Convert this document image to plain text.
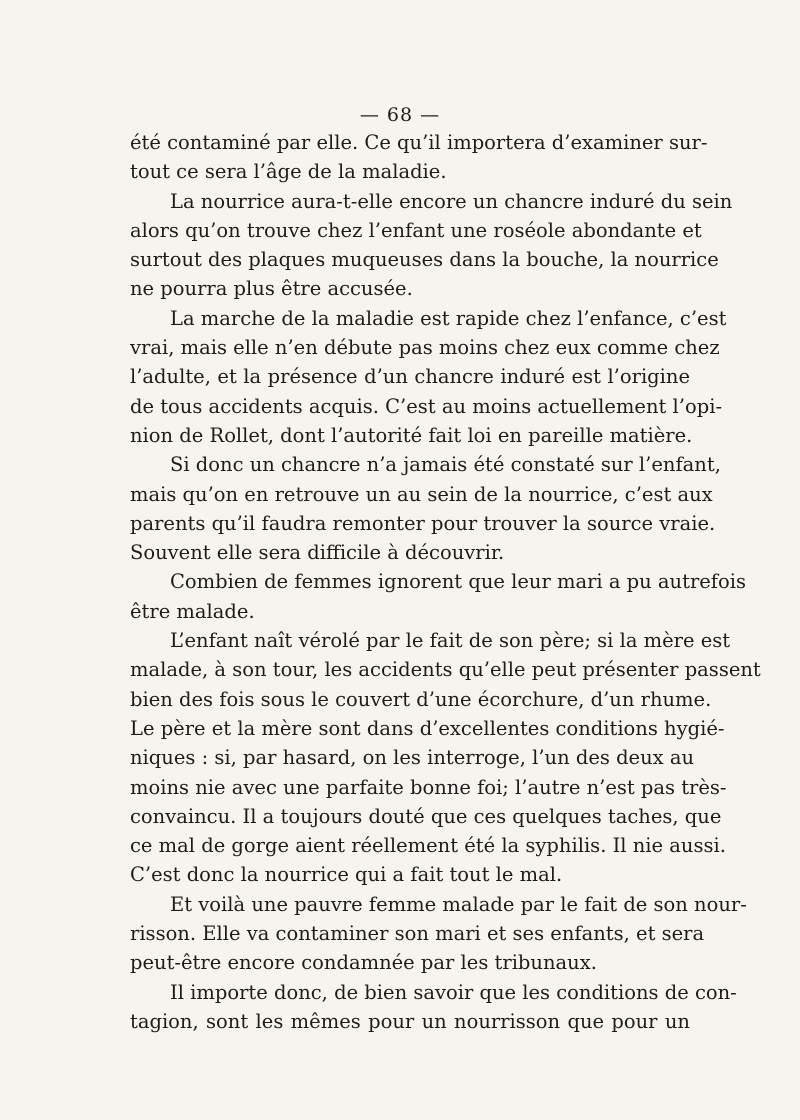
— 68 —
été contaminé par elle. Ce qu’il importera d’examiner sur-
tout ce sera l’âge de la maladie.
La nourrice aura-t-elle encore un chancre induré du sein
alors qu’on trouve chez l’enfant une roséole abondante et
surtout des plaques muqueuses dans la bouche, la nourrice
ne pourra plus être accusée.
La marche de la maladie est rapide chez l’enfance, c’est
vrai, mais elle n’en débute pas moins chez eux comme chez
l’adulte, et la présence d’un chancre induré est l’origine
de tous accidents acquis. C’est au moins actuellement l’opi-
nion de Rollet, dont l’autorité fait loi en pareille matière.
Si donc un chancre n’a jamais été constaté sur l’enfant,
mais qu’on en retrouve un au sein de la nourrice, c’est aux
parents qu’il faudra remonter pour trouver la source vraie.
Souvent elle sera difficile à découvrir.
Combien de femmes ignorent que leur mari a pu autrefois
être malade.
L’enfant naît vérolé par le fait de son père; si la mère est
malade, à son tour, les accidents qu’elle peut présenter passent
bien des fois sous le couvert d’une écorchure, d’un rhume.
Le père et la mère sont dans d’excellentes conditions hygié-
niques : si, par hasard, on les interroge, l’un des deux au
moins nie avec une parfaite bonne foi; l’autre n’est pas très-
convaincu. Il a toujours douté que ces quelques taches, que
ce mal de gorge aient réellement été la syphilis. Il nie aussi.
C’est donc la nourrice qui a fait tout le mal.
Et voilà une pauvre femme malade par le fait de son nour-
risson. Elle va contaminer son mari et ses enfants, et sera
peut-être encore condamnée par les tribunaux.
Il importe donc, de bien savoir que les conditions de con-
tagion, sont les mêmes pour un nourrisson que pour un
